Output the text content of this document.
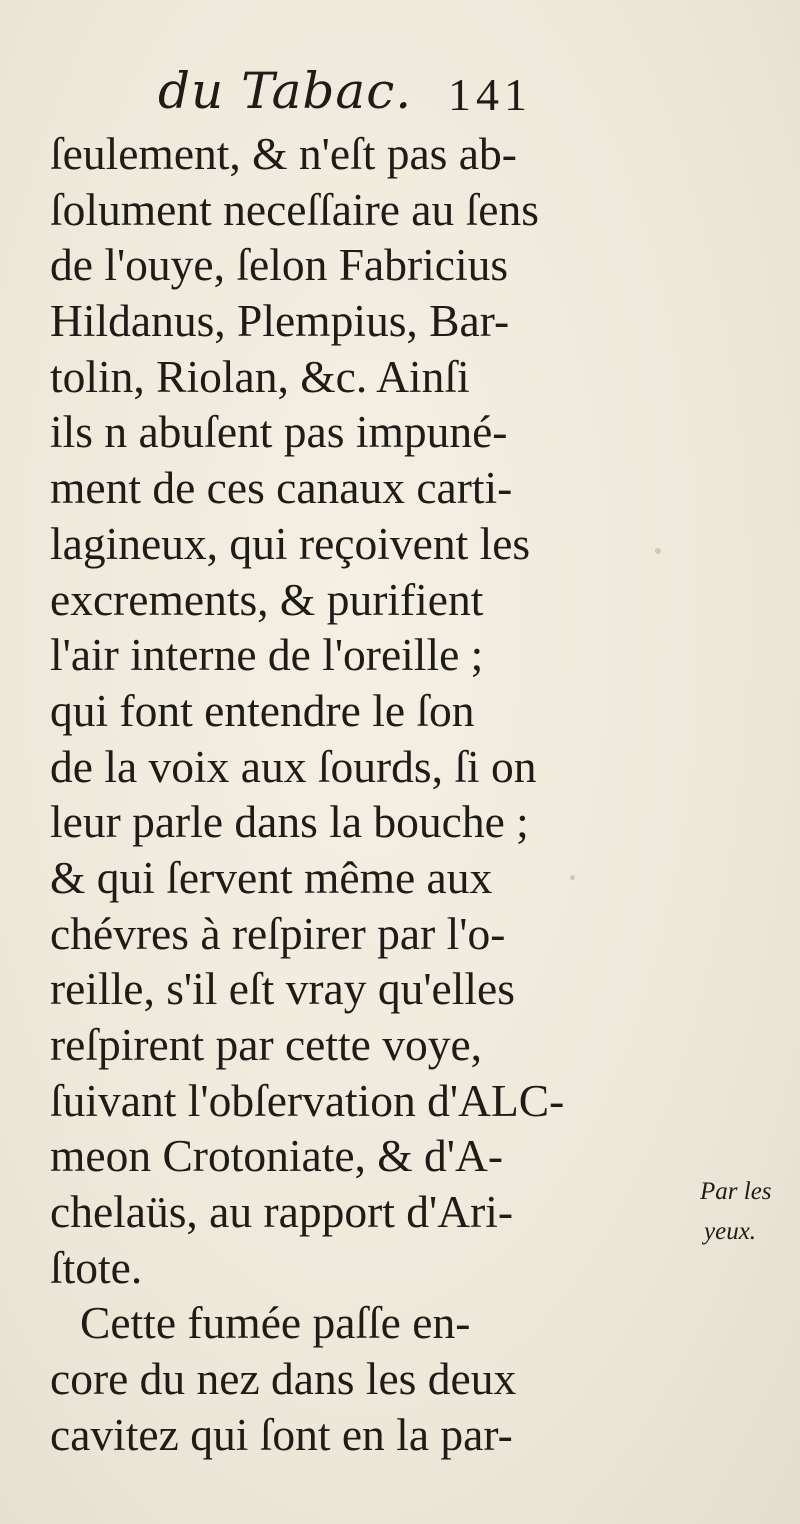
du Tabac. 141
ſeulement, & n'eſt pas ab-
ſolument neceſſaire au ſens
de l'ouye, ſelon Fabricius
Hildanus, Plempius, Bar-
tolin, Riolan, &c. Ainſi
ils n abuſent pas impuné-
ment de ces canaux carti-
lagineux, qui reçoivent les
excrements, & purifient
l'air interne de l'oreille ;
qui font entendre le ſon
de la voix aux ſourds, ſi on
leur parle dans la bouche ;
& qui ſervent même aux
chévres à reſpirer par l'o-
reille, s'il eſt vray qu'elles
reſpirent par cette voye,
ſuivant l'obſervation d'ALC-
meon Crotoniate, & d'A-
chelaüs, au rapport d'Ari-
ſtote.
Cette fumée paſſe en-
core du nez dans les deux
cavitez qui ſont en la par-
Par les
yeux.
